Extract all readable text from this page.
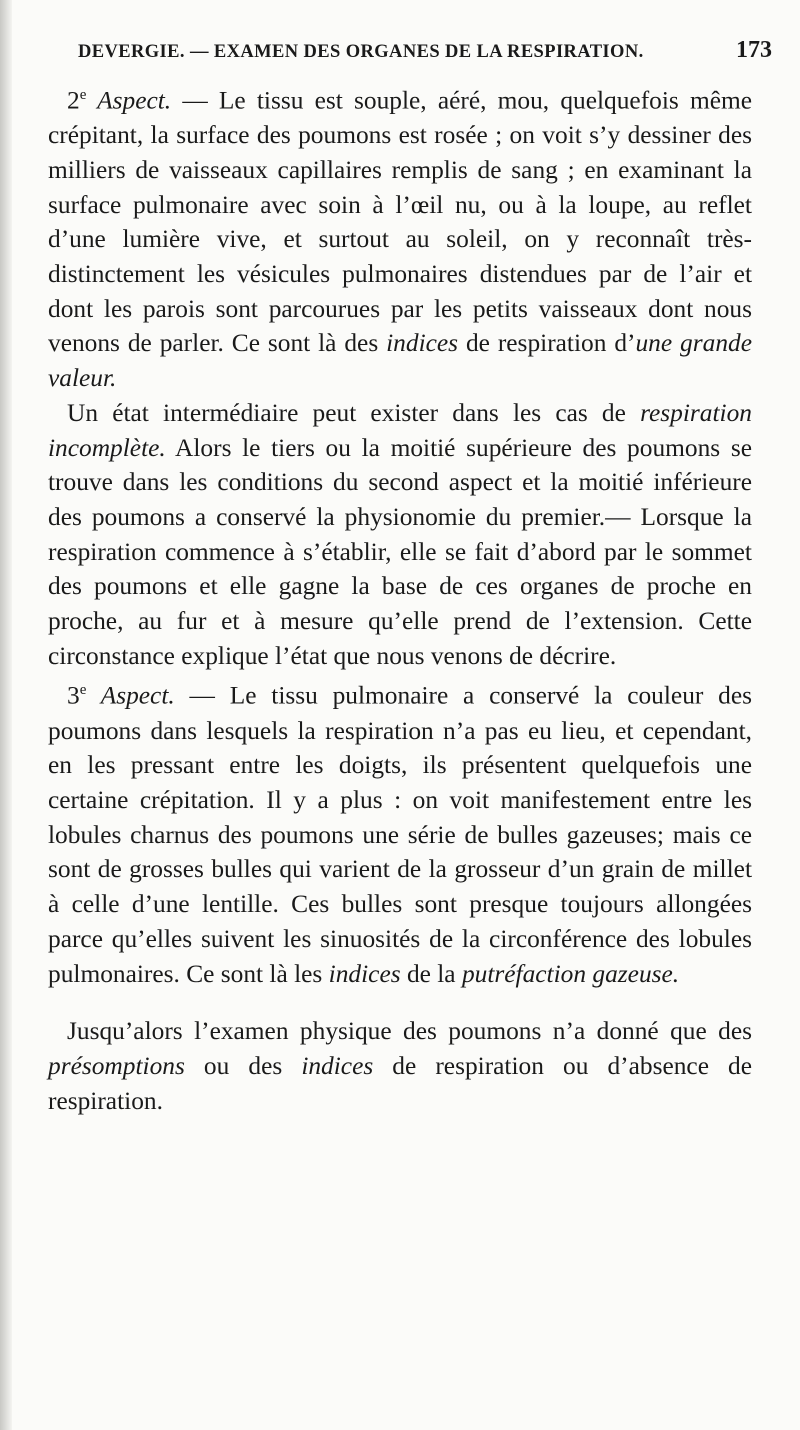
DEVERGIE. — EXAMEN DES ORGANES DE LA RESPIRATION.	173

2e Aspect. — Le tissu est souple, aéré, mou, quelquefois même crépitant, la surface des poumons est rosée ; on voit s’y dessiner des milliers de vaisseaux capillaires remplis de sang ; en examinant la surface pulmonaire avec soin à l’œil nu, ou à la loupe, au reflet d’une lumière vive, et surtout au soleil, on y reconnaît très-distinctement les vésicules pulmonaires distendues par de l’air et dont les parois sont parcourues par les petits vaisseaux dont nous venons de parler. Ce sont là des indices de respiration d’une grande valeur.

Un état intermédiaire peut exister dans les cas de respiration incomplète. Alors le tiers ou la moitié supérieure des poumons se trouve dans les conditions du second aspect et la moitié inférieure des poumons a conservé la physionomie du premier.— Lorsque la respiration commence à s’établir, elle se fait d’abord par le sommet des poumons et elle gagne la base de ces organes de proche en proche, au fur et à mesure qu’elle prend de l’extension. Cette circonstance explique l’état que nous venons de décrire.

3e Aspect. — Le tissu pulmonaire a conservé la couleur des poumons dans lesquels la respiration n’a pas eu lieu, et cependant, en les pressant entre les doigts, ils présentent quelquefois une certaine crépitation. Il y a plus : on voit manifestement entre les lobules charnus des poumons une série de bulles gazeuses; mais ce sont de grosses bulles qui varient de la grosseur d’un grain de millet à celle d’une lentille. Ces bulles sont presque toujours allongées parce qu’elles suivent les sinuosités de la circonférence des lobules pulmonaires. Ce sont là les indices de la putréfaction gazeuse.

Jusqu’alors l’examen physique des poumons n’a donné que des présomptions ou des indices de respiration ou d’absence de respiration.
